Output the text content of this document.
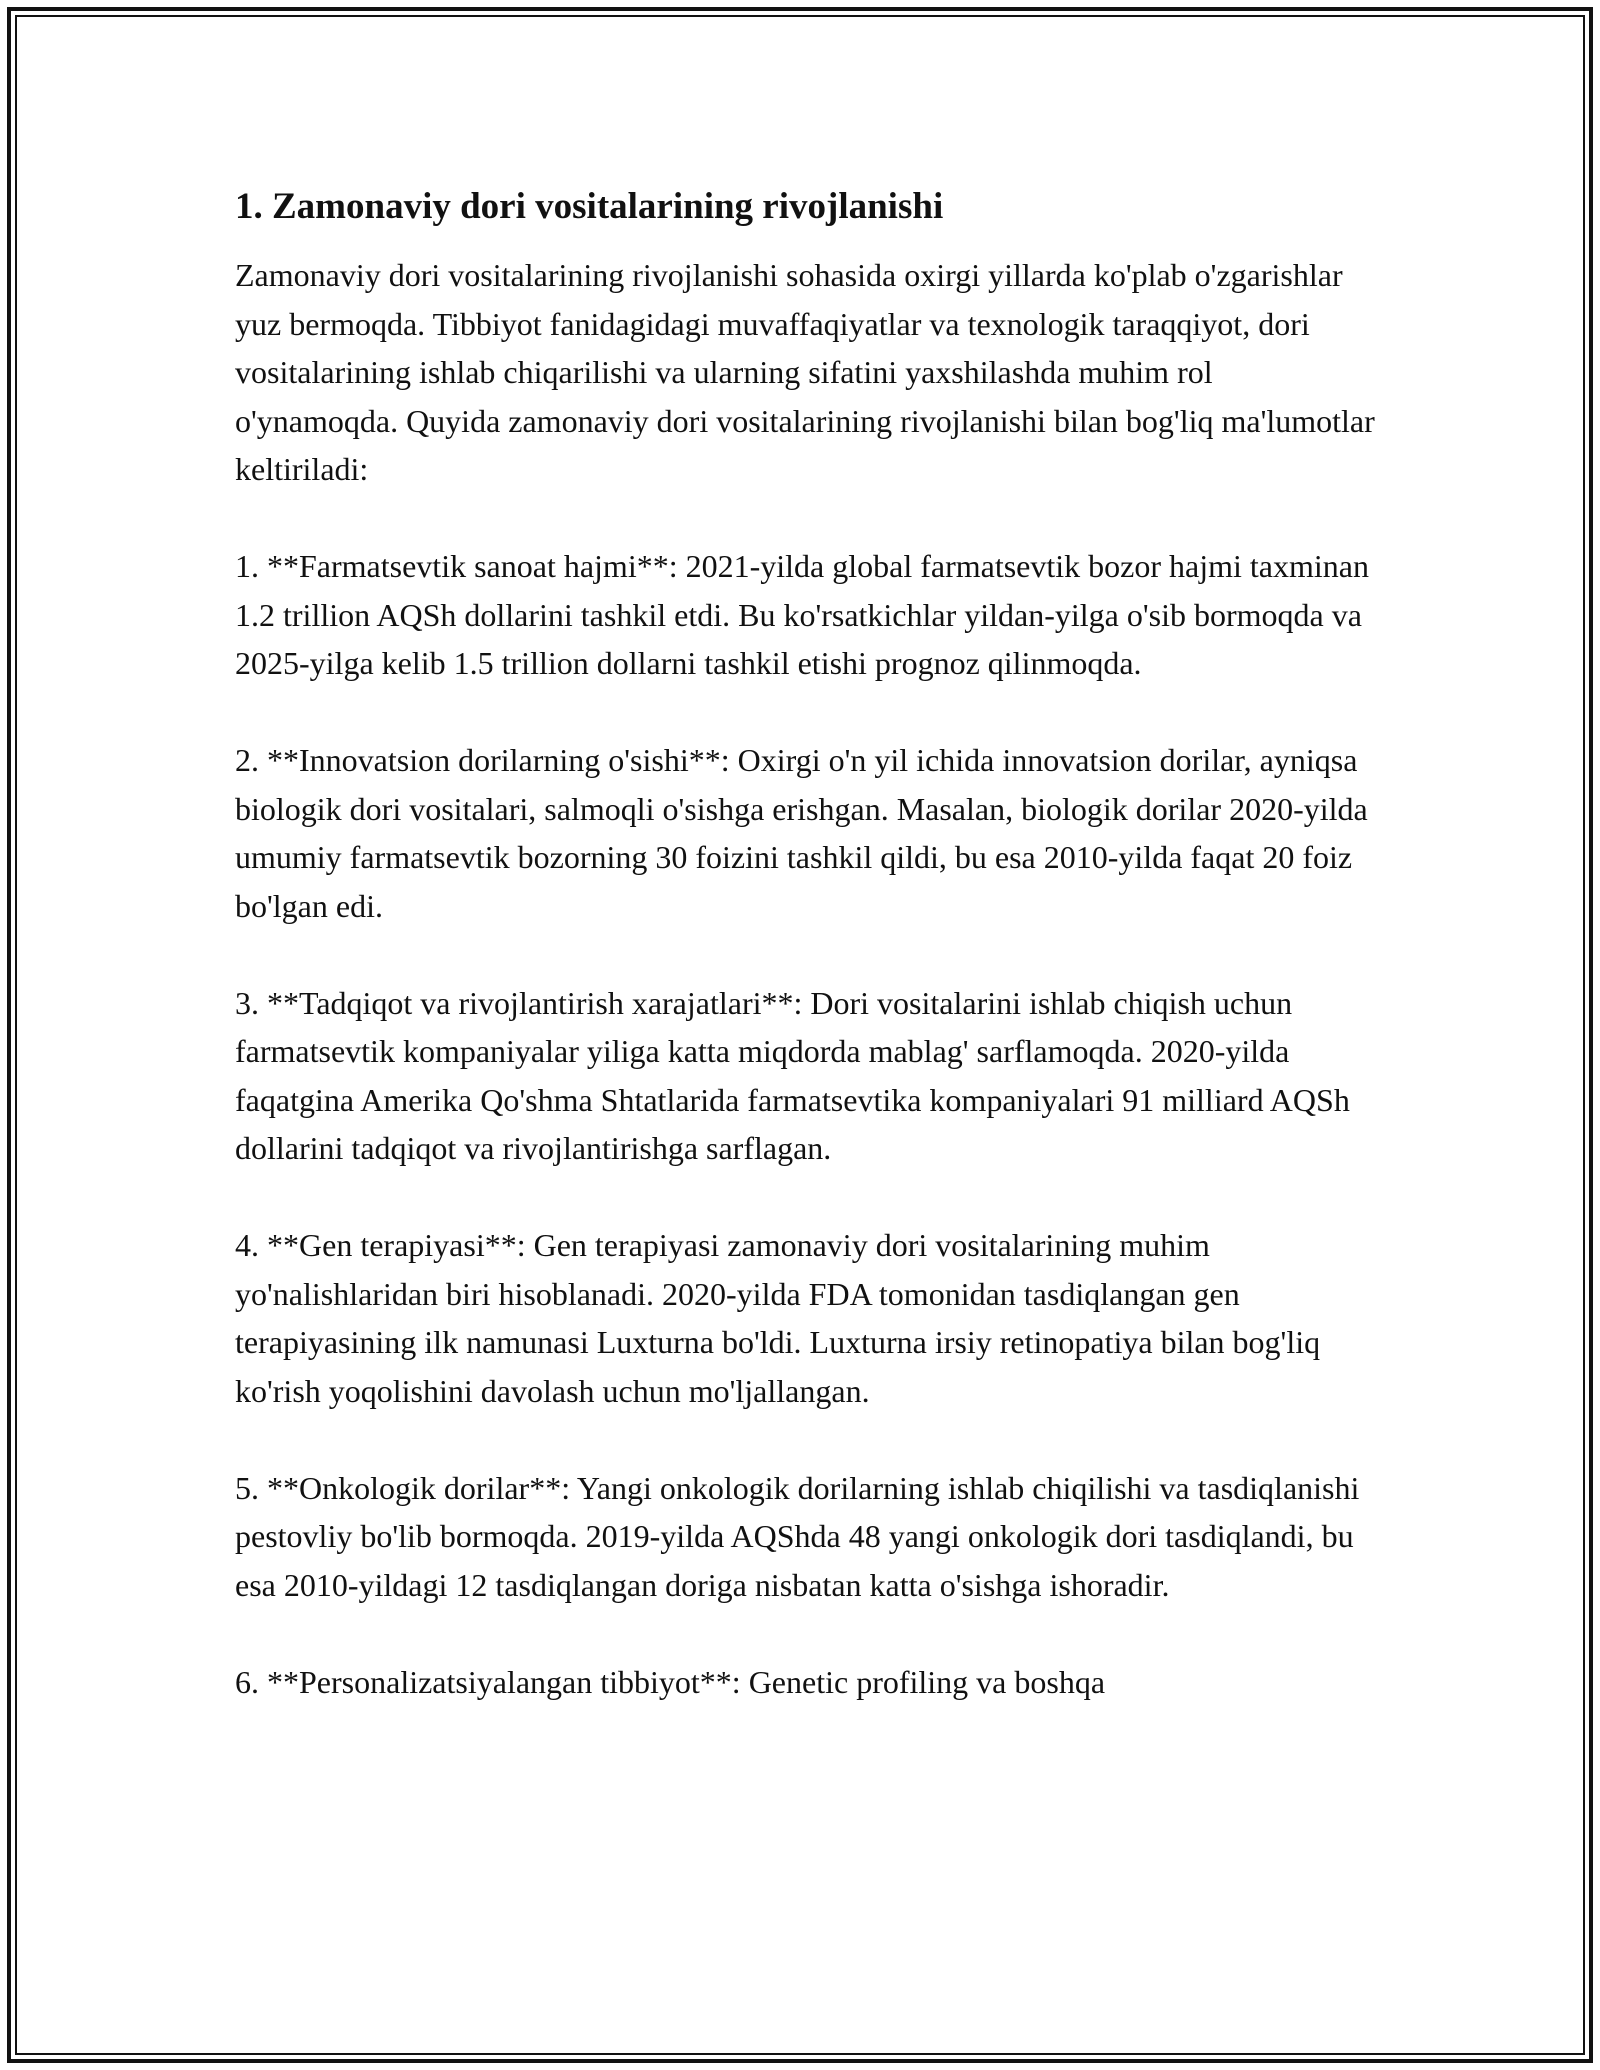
1. Zamonaviy dori vositalarining rivojlanishi

Zamonaviy dori vositalarining rivojlanishi sohasida oxirgi yillarda ko'plab o'zgarishlar yuz bermoqda. Tibbiyot fanidagidagi muvaffaqiyatlar va texnologik taraqqiyot, dori vositalarining ishlab chiqarilishi va ularning sifatini yaxshilashda muhim rol o'ynamoqda. Quyida zamonaviy dori vositalarining rivojlanishi bilan bog'liq ma'lumotlar keltiriladi:

1. **Farmatsevtik sanoat hajmi**: 2021-yilda global farmatsevtik bozor hajmi taxminan 1.2 trillion AQSh dollarini tashkil etdi. Bu ko'rsatkichlar yildan-yilga o'sib bormoqda va 2025-yilga kelib 1.5 trillion dollarni tashkil etishi prognoz qilinmoqda.

2. **Innovatsion dorilarning o'sishi**: Oxirgi o'n yil ichida innovatsion dorilar, ayniqsa biologik dori vositalari, salmoqli o'sishga erishgan. Masalan, biologik dorilar 2020-yilda umumiy farmatsevtik bozorning 30 foizini tashkil qildi, bu esa 2010-yilda faqat 20 foiz bo'lgan edi.

3. **Tadqiqot va rivojlantirish xarajatlari**: Dori vositalarini ishlab chiqish uchun farmatsevtik kompaniyalar yiliga katta miqdorda mablag' sarflamoqda. 2020-yilda faqatgina Amerika Qo'shma Shtatlarida farmatsevtika kompaniyalari 91 milliard AQSh dollarini tadqiqot va rivojlantirishga sarflagan.

4. **Gen terapiyasi**: Gen terapiyasi zamonaviy dori vositalarining muhim yo'nalishlaridan biri hisoblanadi. 2020-yilda FDA tomonidan tasdiqlangan gen terapiyasining ilk namunasi Luxturna bo'ldi. Luxturna irsiy retinopatiya bilan bog'liq ko'rish yoqolishini davolash uchun mo'ljallangan.

5. **Onkologik dorilar**: Yangi onkologik dorilarning ishlab chiqilishi va tasdiqlanishi pestovliy bo'lib bormoqda. 2019-yilda AQShda 48 yangi onkologik dori tasdiqlandi, bu esa 2010-yildagi 12 tasdiqlangan doriga nisbatan katta o'sishga ishoradir.

6. **Personalizatsiyalangan tibbiyot**: Genetic profiling va boshqa
